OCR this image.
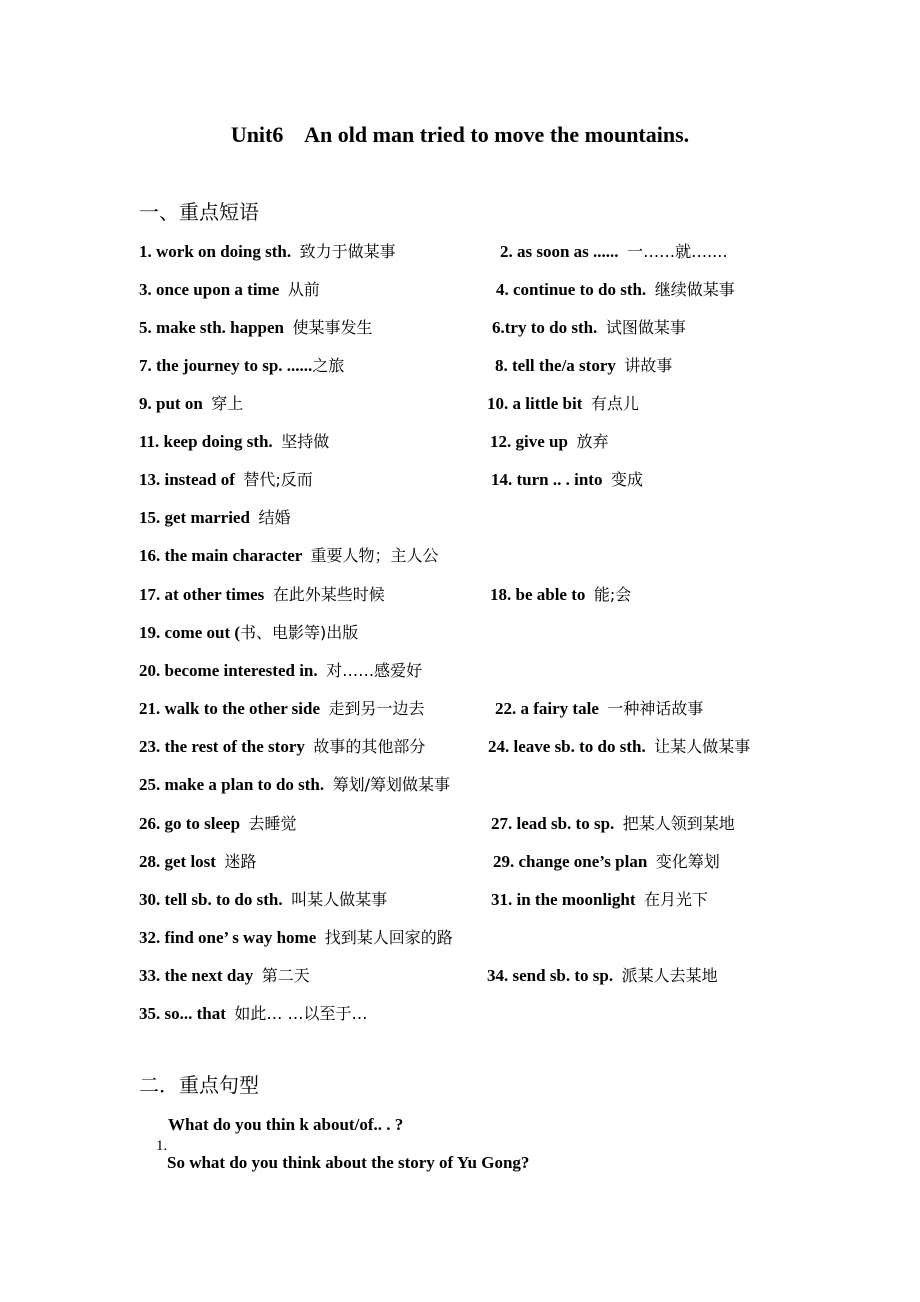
Unit6    An old man tried to move the mountains.
一、重点短语
1. work on doing sth.  致力于做某事	2. as soon as ......  一……就…....
3. once upon a time  从前	4. continue to do sth.  继续做某事
5. make sth. happen  使某事发生	6.try to do sth.  试图做某事
7. the journey to sp. ......之旅	8. tell the/a story  讲故事
9. put on  穿上	10. a little bit  有点儿
11. keep doing sth.  坚持做	12. give up  放弃
13. instead of  替代;反而	14. turn .. . into  变成
15. get married  结婚
16. the main character  重要人物；主人公
17. at other times  在此外某些时候	18. be able to  能;会
19. come out (书、电影等)出版
20. become interested in.  对……感爱好
21. walk to the other side  走到另一边去	22. a fairy tale  一种神话故事
23. the rest of the story  故事的其他部分	24. leave sb. to do sth.  让某人做某事
25. make a plan to do sth.  筹划/筹划做某事
26. go to sleep  去睡觉	27. lead sb. to sp.  把某人领到某地
28. get lost  迷路	29. change one’s plan  变化筹划
30. tell sb. to do sth.  叫某人做某事	31. in the moonlight  在月光下
32. find one’ s way home  找到某人回家的路
33. the next day  第二天	34. send sb. to sp.  派某人去某地
35. so... that  如此… …以至于…
二．重点句型

1.

What do you thin k about/of.. . ?
So what do you think about the story of Yu Gong?
